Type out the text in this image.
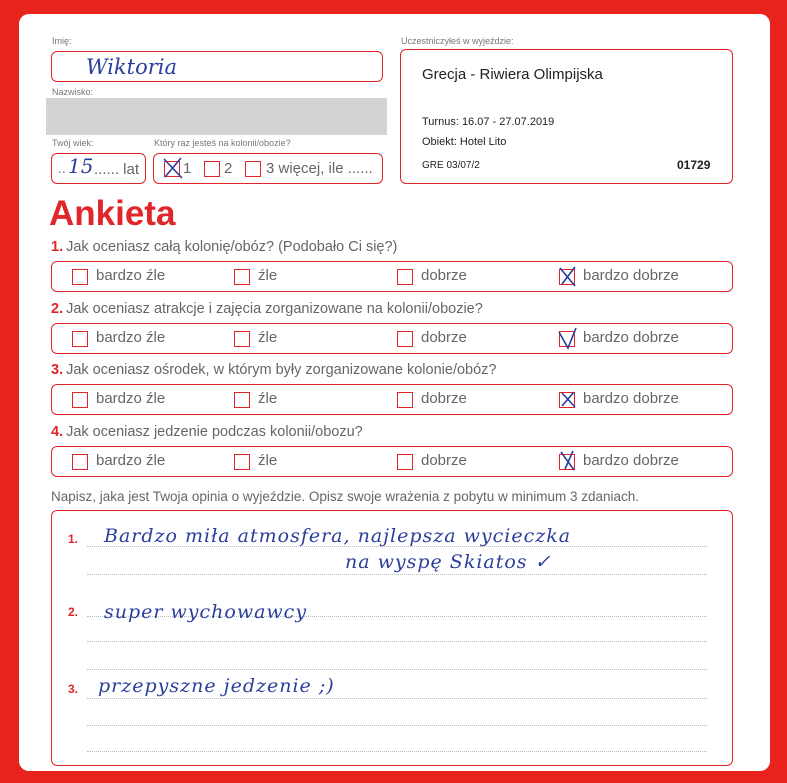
Imię:
Wiktoria
Nazwisko:
Twój wiek:
.. 15 ...... lat
Który raz jesteś na kolonii/obozie?
1 2 3 więcej, ile ......
Uczestniczyłeś w wyjeździe:
Grecja - Riwiera Olimpijska
Turnus: 16.07 - 27.07.2019
Obiekt: Hotel Lito
GRE 03/07/2	01729
Ankieta
1. Jak oceniasz całą kolonię/obóz? (Podobało Ci się?)
bardzo źle	źle	dobrze	bardzo dobrze
2. Jak oceniasz atrakcje i zajęcia zorganizowane na kolonii/obozie?
bardzo źle	źle	dobrze	bardzo dobrze
3. Jak oceniasz ośrodek, w którym były zorganizowane kolonie/obóz?
bardzo źle	źle	dobrze	bardzo dobrze
4. Jak oceniasz jedzenie podczas kolonii/obozu?
bardzo źle	źle	dobrze	bardzo dobrze
Napisz, jaka jest Twoja opinia o wyjeździe. Opisz swoje wrażenia z pobytu w minimum 3 zdaniach.
1. Bardzo miła atmosfera, najlepsza wycieczka
na wyspę Skiatos ✓
2. super wychowawcy
3. przepyszne jedzenie ;)
